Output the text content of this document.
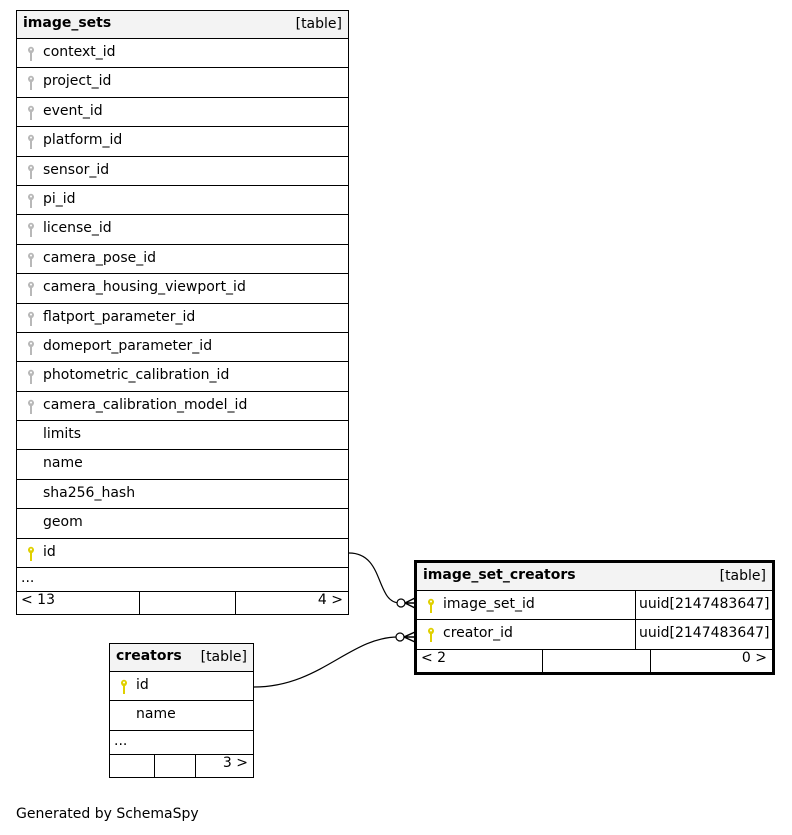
image_sets	[table]
context_id
project_id
event_id
platform_id
sensor_id
pi_id
license_id
camera_pose_id
camera_housing_viewport_id
flatport_parameter_id
domeport_parameter_id
photometric_calibration_id
camera_calibration_model_id
limits
name
sha256_hash
geom
id
...
< 13	4 >
image_set_creators	[table]
image_set_id	uuid[2147483647]
creator_id	uuid[2147483647]
< 2	0 >
creators [table]
id
name
...
3 >
Generated by SchemaSpy
